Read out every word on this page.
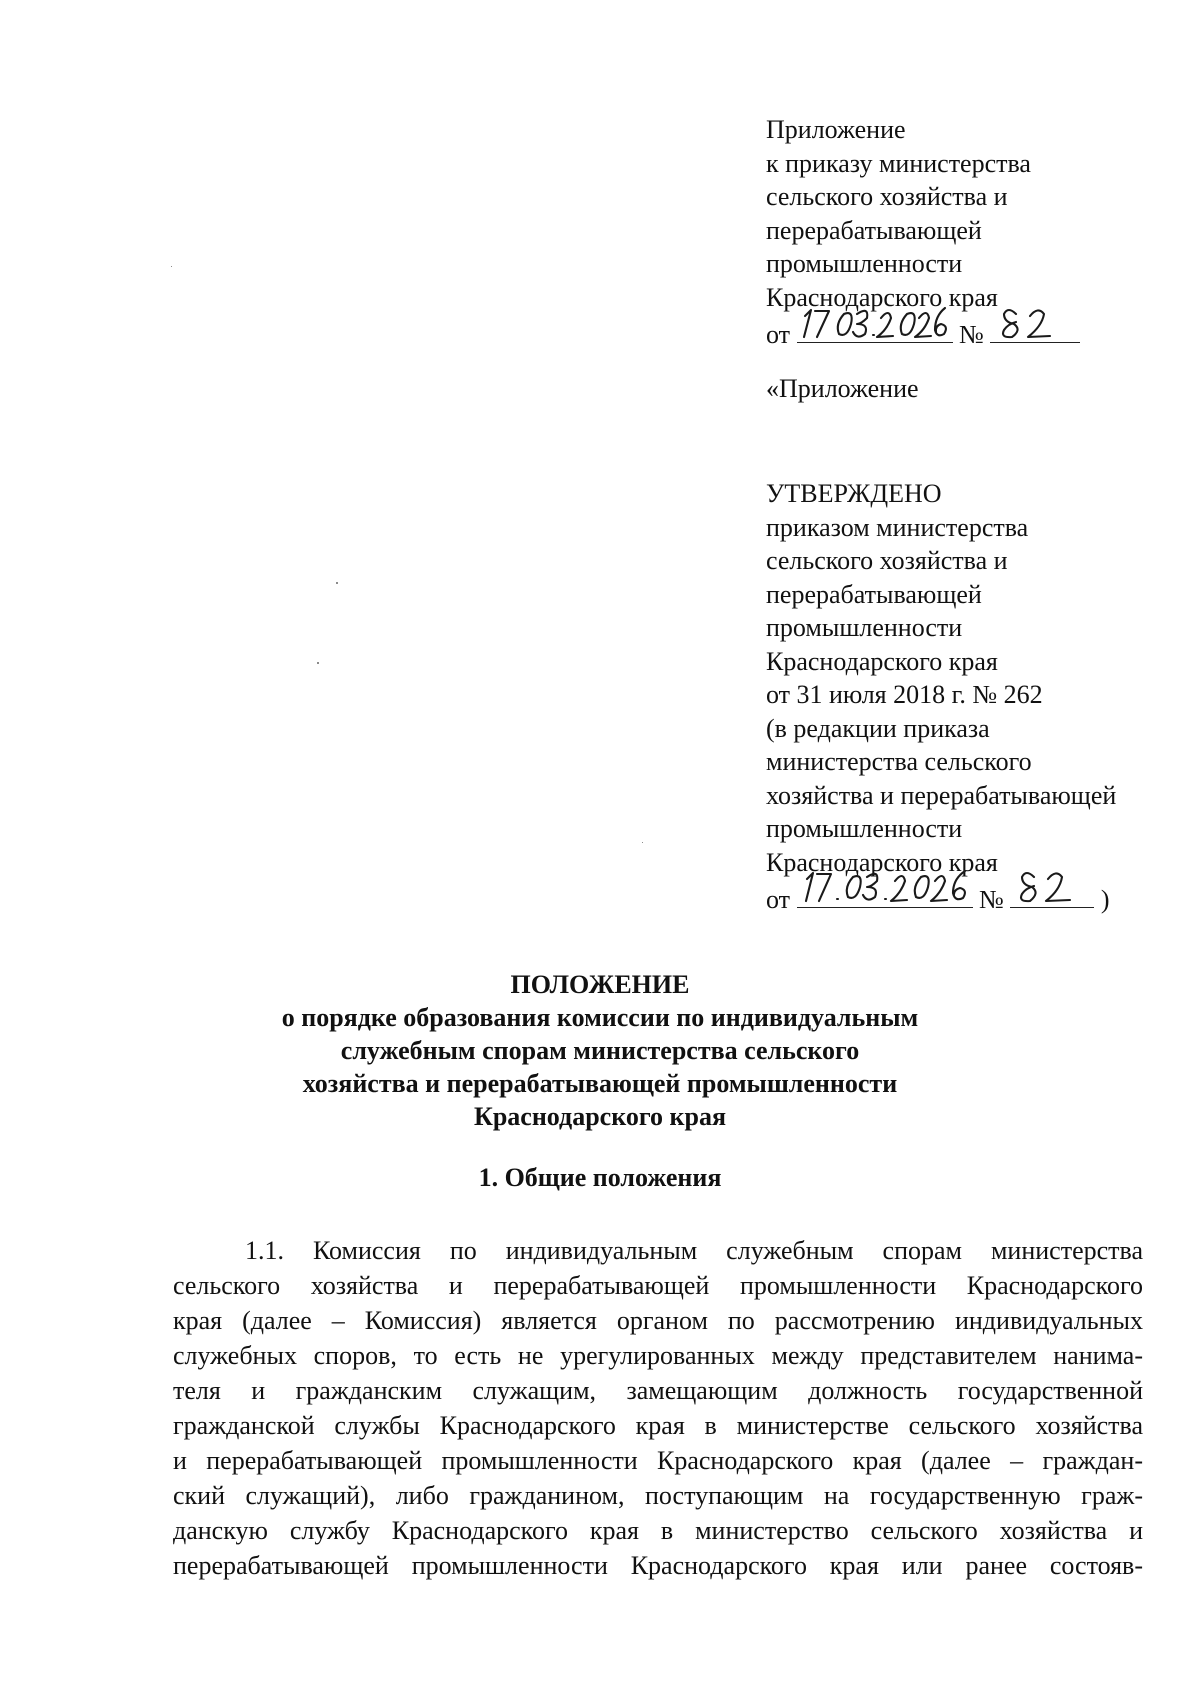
Приложение
к приказу министерства
сельского хозяйства и
перерабатывающей
промышленности
Краснодарского края
от	№
«Приложение
УТВЕРЖДЕНО
приказом министерства
сельского хозяйства и
перерабатывающей
промышленности
Краснодарского края
от 31 июля 2018 г. № 262
(в редакции приказа
министерства сельского
хозяйства и перерабатывающей
промышленности
Краснодарского края
от	№	)
ПОЛОЖЕНИЕ
о порядке образования комиссии по индивидуальным
служебным спорам министерства сельского
хозяйства и перерабатывающей промышленности
Краснодарского края
1. Общие положения
1.1. Комиссия по индивидуальным служебным спорам министерства
сельского хозяйства и перерабатывающей промышленности Краснодарского
края (далее – Комиссия) является органом по рассмотрению индивидуальных
служебных споров, то есть не урегулированных между представителем нанима-
теля и гражданским служащим, замещающим должность государственной
гражданской службы Краснодарского края в министерстве сельского хозяйства
и перерабатывающей промышленности Краснодарского края (далее – граждан-
ский служащий), либо гражданином, поступающим на государственную граж-
данскую службу Краснодарского края в министерство сельского хозяйства и
перерабатывающей промышленности Краснодарского края или ранее состояв-
